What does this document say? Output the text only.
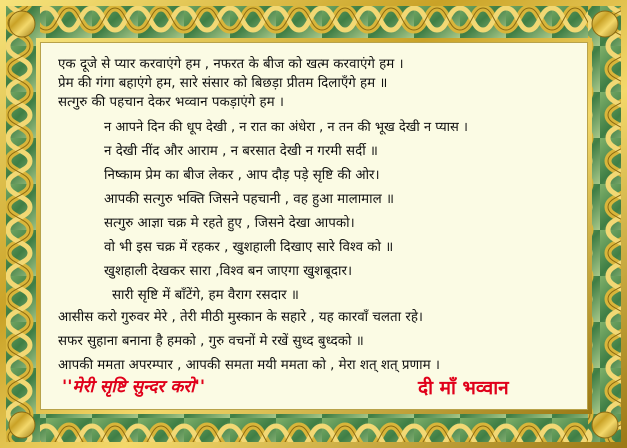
एक दूजे से प्यार करवाएंगे हम , नफरत के बीज को खत्म करवाएंगे हम ।
प्रेम की गंगा बहाएंगे हम, सारे संसार को बिछड़ा प्रीतम दिलाएँगे हम ॥
सत्गुरु की पहचान देकर भव्वान पकड़ाएंगे हम ।
न आपने दिन की धूप देखी , न रात का अंधेरा , न तन की भूख देखी न प्यास ।
न देखी नींद और आराम , न बरसात देखी न गरमी सर्दी ॥
निष्काम प्रेम का बीज लेकर , आप दौड़ पड़े सृष्टि की ओर।
आपकी सत्गुरु भक्ति जिसने पहचानी , वह हुआ मालामाल ॥
सत्गुरु आज्ञा चक्र मे रहते हुए , जिसने देखा आपको।
वो भी इस चक्र में रहकर , खुशहाली दिखाए सारे विश्व को ॥
खुशहाली देखकर सारा ,विश्व बन जाएगा खुशबूदार।
सारी सृष्टि में बाँटेंगे, हम वैराग रसदार ॥
आसीस करो गुरुवर मेरे , तेरी मीठी मुस्कान के सहारे , यह कारवाँ चलता रहे।
सफर सुहाना बनाना है हमको , गुरु वचनों मे रखें सुध्द बुध्दको ॥
आपकी ममता अपरम्पार , आपकी समता मयी ममता को , मेरा शत् शत् प्रणाम ।
''मेरी सृष्टि सुन्दर करो''	दी माँ भव्वान
